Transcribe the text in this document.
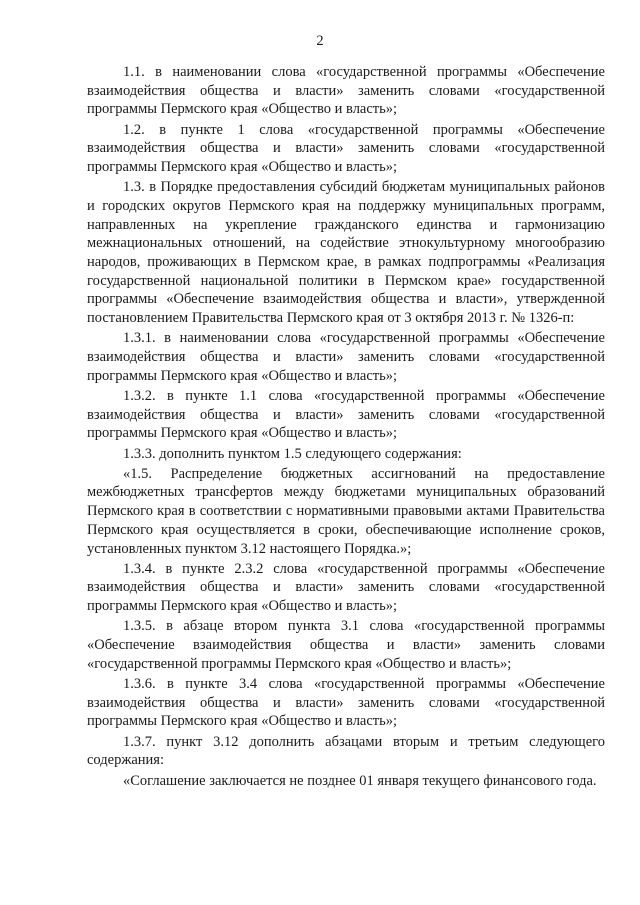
2

1.1. в наименовании слова «государственной программы «Обеспечение взаимодействия общества и власти» заменить словами «государственной программы Пермского края «Общество и власть»;

1.2. в пункте 1 слова «государственной программы «Обеспечение взаимодействия общества и власти» заменить словами «государственной программы Пермского края «Общество и власть»;

1.3. в Порядке предоставления субсидий бюджетам муниципальных районов и городских округов Пермского края на поддержку муниципальных программ, направленных на укрепление гражданского единства и гармонизацию межнациональных отношений, на содействие этнокультурному многообразию народов, проживающих в Пермском крае, в рамках подпрограммы «Реализация государственной национальной политики в Пермском крае» государственной программы «Обеспечение взаимодействия общества и власти», утвержденной постановлением Правительства Пермского края от 3 октября 2013 г. № 1326-п:

1.3.1. в наименовании слова «государственной программы «Обеспечение взаимодействия общества и власти» заменить словами «государственной программы Пермского края «Общество и власть»;

1.3.2. в пункте 1.1 слова «государственной программы «Обеспечение взаимодействия общества и власти» заменить словами «государственной программы Пермского края «Общество и власть»;

1.3.3. дополнить пунктом 1.5 следующего содержания:

«1.5. Распределение бюджетных ассигнований на предоставление межбюджетных трансфертов между бюджетами муниципальных образований Пермского края в соответствии с нормативными правовыми актами Правительства Пермского края осуществляется в сроки, обеспечивающие исполнение сроков, установленных пунктом 3.12 настоящего Порядка.»;

1.3.4. в пункте 2.3.2 слова «государственной программы «Обеспечение взаимодействия общества и власти» заменить словами «государственной программы Пермского края «Общество и власть»;

1.3.5. в абзаце втором пункта 3.1 слова «государственной программы «Обеспечение взаимодействия общества и власти» заменить словами «государственной программы Пермского края «Общество и власть»;

1.3.6. в пункте 3.4 слова «государственной программы «Обеспечение взаимодействия общества и власти» заменить словами «государственной программы Пермского края «Общество и власть»;

1.3.7. пункт 3.12 дополнить абзацами вторым и третьим следующего содержания:

«Соглашение заключается не позднее 01 января текущего финансового года.
